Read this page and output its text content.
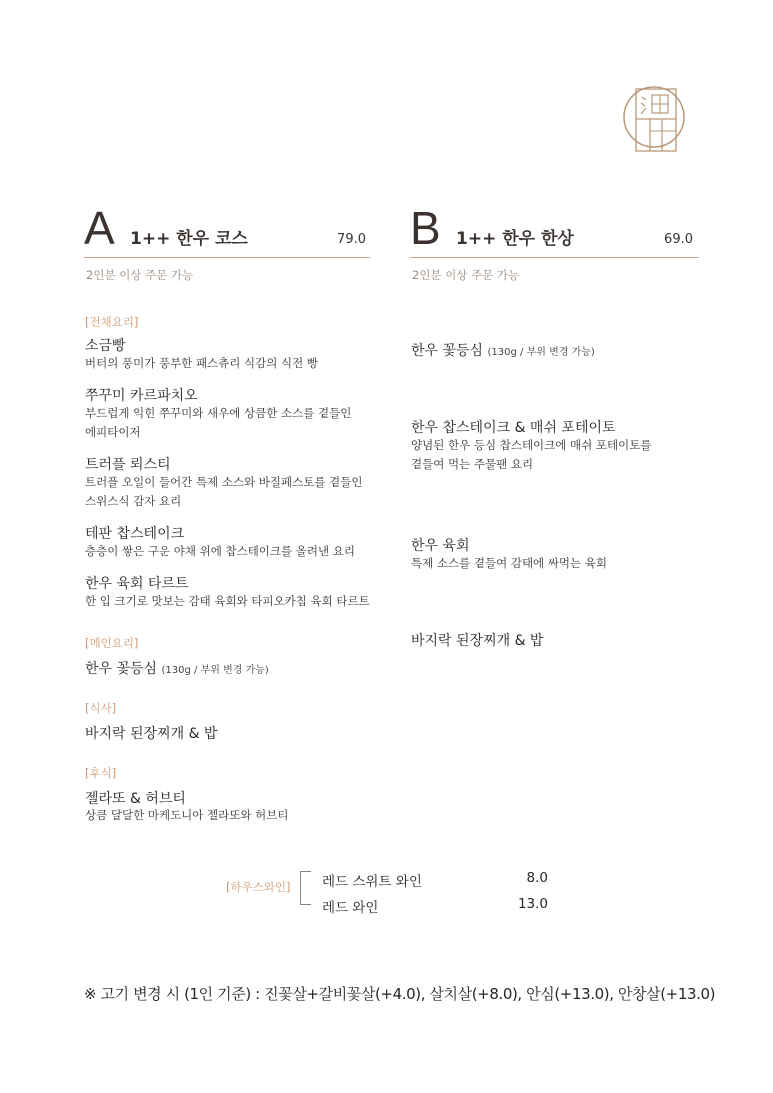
A 1++ 한우 코스	79.0
2인분 이상 주문 가능
[전채요리]
소금빵
버터의 풍미가 풍부한 패스츄리 식감의 식전 빵
쭈꾸미 카르파치오
부드럽게 익힌 쭈꾸미와 새우에 상큼한 소스를 곁들인
에피타이저
트러플 뢰스티
트러플 오일이 들어간 특제 소스와 바질페스토를 곁들인
스위스식 감자 요리
테판 찹스테이크
층층이 쌓은 구운 야채 위에 찹스테이크를 올려낸 요리
한우 육회 타르트
한 입 크기로 맛보는 감태 육회와 타피오카칩 육회 타르트
[메인요리]
한우 꽃등심 (130g / 부위 변경 가능)
[식사]
바지락 된장찌개 & 밥
[후식]
젤라또 & 허브티
상큼 달달한 마케도니아 젤라또와 허브티
B 1++ 한우 한상	69.0
2인분 이상 주문 가능
한우 꽃등심 (130g / 부위 변경 가능)
한우 찹스테이크 & 매쉬 포테이토
양념된 한우 등심 찹스테이크에 매쉬 포테이토를
곁들여 먹는 주물팬 요리
한우 육회
특제 소스를 곁들여 감태에 싸먹는 육회
바지락 된장찌개 & 밥
[하우스와인] 레드 스위트 와인	8.0
레드 와인	13.0
※ 고기 변경 시 (1인 기준) : 진꽃살+갈비꽃살(+4.0), 살치살(+8.0), 안심(+13.0), 안창살(+13.0)
